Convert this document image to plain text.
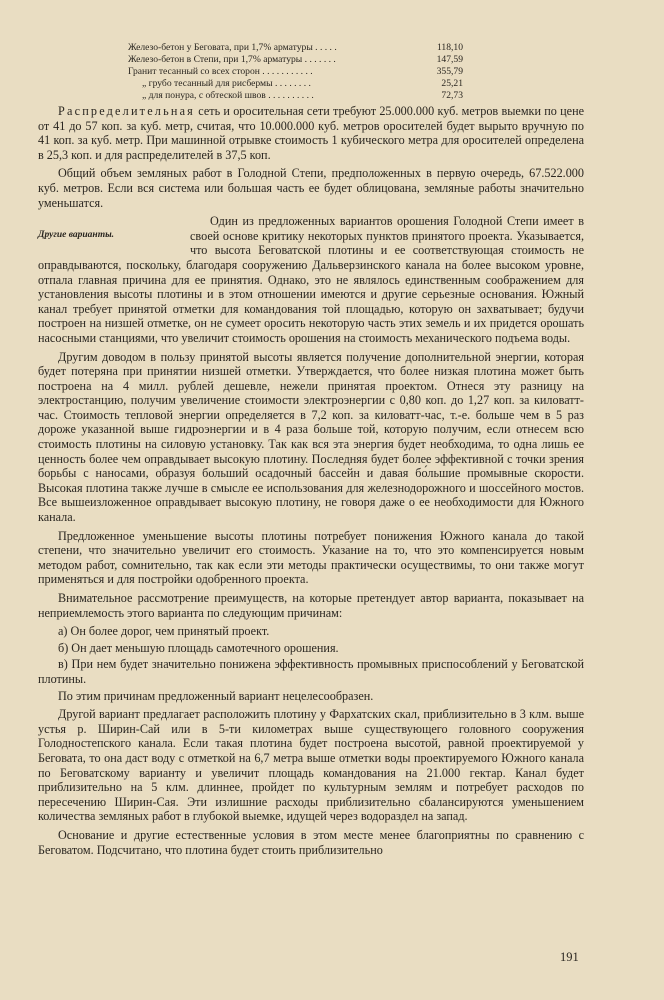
Железо-бетон у Беговата, при 1,7% арматуры . . . . .	118,10
Железо-бетон в Степи, при 1,7% арматуры . . . . . . .	147,59
Гранит тесанный со всех сторон . . . . . . . . . . .	355,79
„ грубо тесанный для рисбермы . . . . . . . .	25,21
„ для понура, с обтеской швов . . . . . . . . . .	72,73

Распределительная сеть и оросительная сети требуют 25.000.000 куб. метров выемки по цене от 41 до 57 коп. за куб. метр, считая, что 10.000.000 куб. метров оросителей будет вырыто вручную по 41 коп. за куб. метр. При машинной отрывке стоимость 1 кубического метра для оросителей определена в 25,3 коп. и для распределителей в 37,5 коп.

Общий объем земляных работ в Голодной Степи, предположенных в первую очередь, 67.522.000 куб. метров. Если вся система или большая часть ее будет облицована, земляные работы значительно уменьшатся.

Другие варианты.
Один из предложенных вариантов орошения Голодной Степи имеет в своей основе критику некоторых пунктов принятого проекта. Указывается, что высота Беговатской плотины и ее соответствующая стоимость не оправдываются, поскольку, благодаря сооружению Дальверзинского канала на более высоком уровне, отпала главная причина для ее принятия. Однако, это не являлось единственным соображением для установления высоты плотины и в этом отношении имеются и другие серьезные основания. Южный канал требует принятой отметки для командования той площадью, которую он захватывает; будучи построен на низшей отметке, он не сумеет оросить некоторую часть этих земель и их придется орошать насосными станциями, что увеличит стоимость орошения на стоимость механического подъема воды.

Другим доводом в пользу принятой высоты является получение дополнительной энергии, которая будет потеряна при принятии низшей отметки. Утверждается, что более низкая плотина может быть построена на 4 милл. рублей дешевле, нежели принятая проектом. Отнеся эту разницу на электростанцию, получим увеличение стоимости электроэнергии с 0,80 коп. до 1,27 коп. за киловатт-час. Стоимость тепловой энергии определяется в 7,2 коп. за киловатт-час, т.-е. больше чем в 5 раз дороже указанной выше гидроэнергии и в 4 раза больше той, которую получим, если отнесем всю стоимость плотины на силовую установку. Так как вся эта энергия будет необходима, то одна лишь ее ценность более чем оправдывает высокую плотину. Последняя будет более эффективной с точки зрения борьбы с наносами, образуя больший осадочный бассейн и давая бо́льшие промывные скорости. Высокая плотина также лучше в смысле ее использования для железнодорожного и шоссейного мостов. Все вышеизложенное оправдывает высокую плотину, не говоря даже о ее необходимости для Южного канала.

Предложенное уменьшение высоты плотины потребует понижения Южного канала до такой степени, что значительно увеличит его стоимость. Указание на то, что это компенсируется новым методом работ, сомнительно, так как если эти методы практически осуществимы, то они также могут применяться и для постройки одобренного проекта.

Внимательное рассмотрение преимуществ, на которые претендует автор варианта, показывает на неприемлемость этого варианта по следующим причинам:

а) Он более дорог, чем принятый проект.

б) Он дает меньшую площадь самотечного орошения.

в) При нем будет значительно понижена эффективность промывных приспособлений у Беговатской плотины.

По этим причинам предложенный вариант нецелесообразен.

Другой вариант предлагает расположить плотину у Фархатских скал, приблизительно в 3 клм. выше устья р. Ширин-Сай или в 5-ти километрах выше существующего головного сооружения Голодностепского канала. Если такая плотина будет построена высотой, равной проектируемой у Беговата, то она даст воду с отметкой на 6,7 метра выше отметки воды проектируемого Южного канала по Беговатскому варианту и увеличит площадь командования на 21.000 гектар. Канал будет приблизительно на 5 клм. длиннее, пройдет по культурным землям и потребует расходов по пересечению Ширин-Сая. Эти излишние расходы приблизительно сбалансируются уменьшением количества земляных работ в глубокой выемке, идущей через водораздел на запад.

Основание и другие естественные условия в этом месте менее благоприятны по сравнению с Беговатом. Подсчитано, что плотина будет стоить приблизительно

191
